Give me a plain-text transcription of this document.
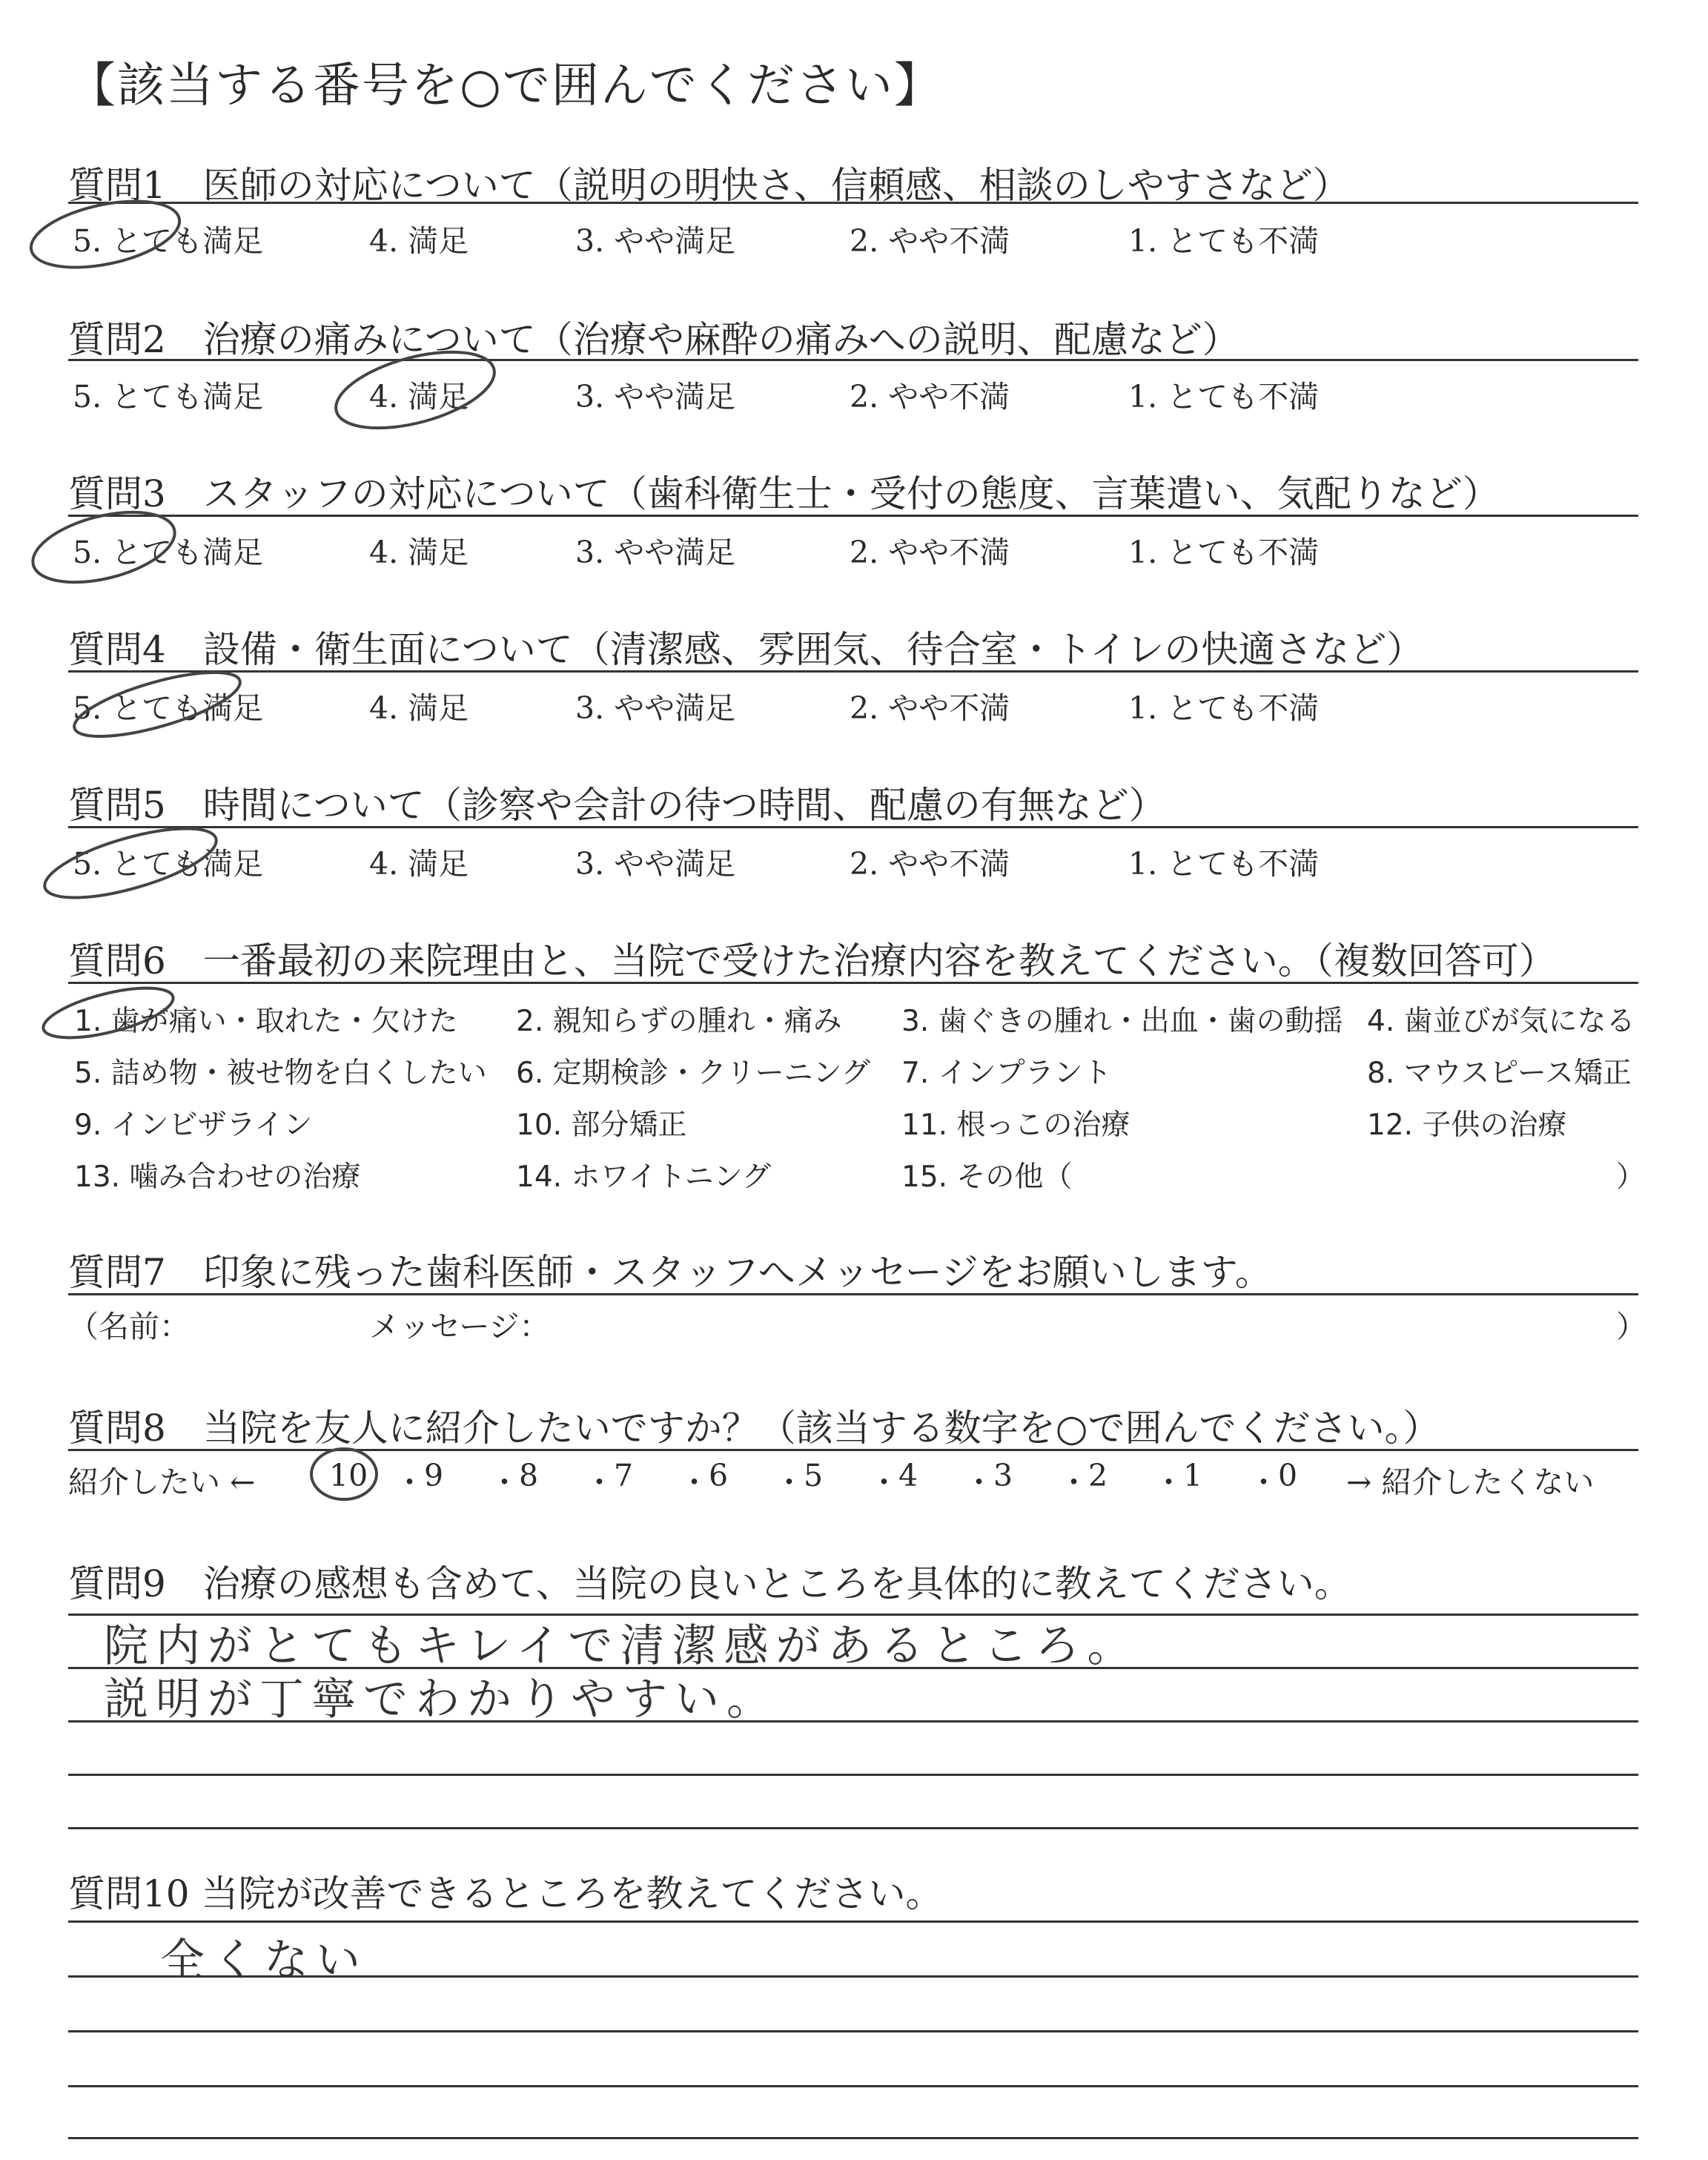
【該当する番号を○で囲んでください】
質問1　医師の対応について（説明の明快さ、信頼感、相談のしやすさなど）
5. とても満足	4. 満足	3. やや満足	2. やや不満	1. とても不満
質問2　治療の痛みについて（治療や麻酔の痛みへの説明、配慮など）
5. とても満足	4. 満足	3. やや満足	2. やや不満	1. とても不満
質問3　スタッフの対応について（歯科衛生士・受付の態度、言葉遣い、気配りなど）
5. とても満足	4. 満足	3. やや満足	2. やや不満	1. とても不満
質問4　設備・衛生面について（清潔感、雰囲気、待合室・トイレの快適さなど）
5. とても満足	4. 満足	3. やや満足	2. やや不満	1. とても不満
質問5　時間について（診察や会計の待つ時間、配慮の有無など）
5. とても満足	4. 満足	3. やや満足	2. やや不満	1. とても不満
質問6　一番最初の来院理由と、当院で受けた治療内容を教えてください。（複数回答可）
1. 歯が痛い・取れた・欠けた 2. 親知らずの腫れ・痛み 3. 歯ぐきの腫れ・出血・歯の動揺 4. 歯並びが気になる
5. 詰め物・被せ物を白くしたい 6. 定期検診・クリーニング 7. インプラント	8. マウスピース矯正
9. インビザライン	10. 部分矯正	11. 根っこの治療	12. 子供の治療
13. 噛み合わせの治療	14. ホワイトニング	15. その他（	）
質問7　印象に残った歯科医師・スタッフへメッセージをお願いします。
（名前：	メッセージ：	）
質問8　当院を友人に紹介したいですか？（該当する数字を○で囲んでください。）
紹介したい ← 10 ・ 9 ・ 8 ・ 7 ・ 6 ・ 5 ・ 4 ・ 3 ・ 2 ・ 1 ・ 0 → 紹介したくない
質問9　治療の感想も含めて、当院の良いところを具体的に教えてください。
院内がとてもキレイで清潔感があるところ。
説明が丁寧でわかりやすい。
質問10 当院が改善できるところを教えてください。
全くない
